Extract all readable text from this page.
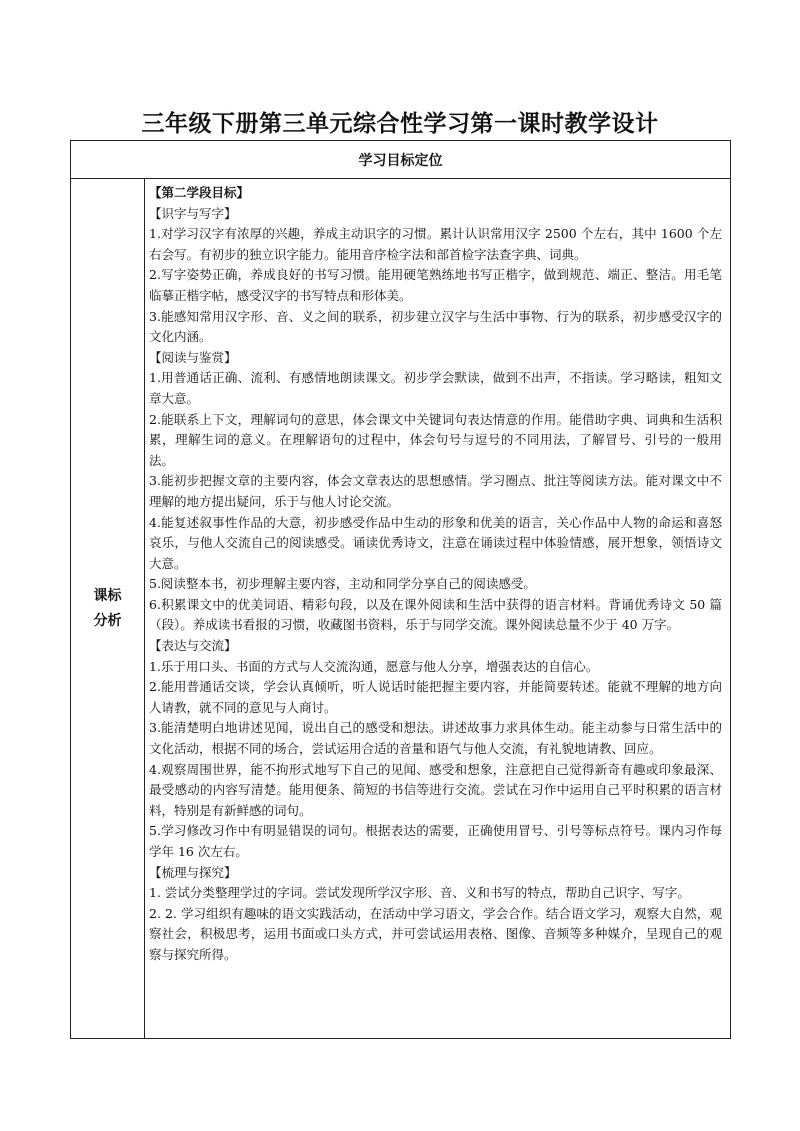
三年级下册第三单元综合性学习第一课时教学设计
学习目标定位
课标
分析

【第二学段目标】

【识字与写字】

1.对学习汉字有浓厚的兴趣，养成主动识字的习惯。累计认识常用汉字 2500 个左右，其中 1600 个左右会写。有初步的独立识字能力。能用音序检字法和部首检字法查字典、词典。

2.写字姿势正确，养成良好的书写习惯。能用硬笔熟练地书写正楷字，做到规范、端正、整洁。用毛笔临摹正楷字帖，感受汉字的书写特点和形体美。

3.能感知常用汉字形、音、义之间的联系，初步建立汉字与生活中事物、行为的联系，初步感受汉字的文化内涵。

【阅读与鉴赏】

1.用普通话正确、流利、有感情地朗读课文。初步学会默读，做到不出声，不指读。学习略读，粗知文章大意。

2.能联系上下文，理解词句的意思，体会课文中关键词句表达情意的作用。能借助字典、词典和生活积累，理解生词的意义。在理解语句的过程中，体会句号与逗号的不同用法，了解冒号、引号的一般用法。

3.能初步把握文章的主要内容，体会文章表达的思想感情。学习圈点、批注等阅读方法。能对课文中不理解的地方提出疑问，乐于与他人讨论交流。

4.能复述叙事性作品的大意，初步感受作品中生动的形象和优美的语言，关心作品中人物的命运和喜怒哀乐，与他人交流自己的阅读感受。诵读优秀诗文，注意在诵读过程中体验情感，展开想象，领悟诗文大意。

5.阅读整本书，初步理解主要内容，主动和同学分享自己的阅读感受。

6.积累课文中的优美词语、精彩句段，以及在课外阅读和生活中获得的语言材料。背诵优秀诗文 50 篇（段）。养成读书看报的习惯，收藏图书资料，乐于与同学交流。课外阅读总量不少于 40 万字。

【表达与交流】

1.乐于用口头、书面的方式与人交流沟通，愿意与他人分享，增强表达的自信心。

2.能用普通话交谈，学会认真倾听，听人说话时能把握主要内容，并能简要转述。能就不理解的地方向人请教，就不同的意见与人商讨。

3.能清楚明白地讲述见闻，说出自己的感受和想法。讲述故事力求具体生动。能主动参与日常生活中的文化活动，根据不同的场合，尝试运用合适的音量和语气与他人交流，有礼貌地请教、回应。

4.观察周围世界，能不拘形式地写下自己的见闻、感受和想象，注意把自己觉得新奇有趣或印象最深、最受感动的内容写清楚。能用便条、简短的书信等进行交流。尝试在习作中运用自己平时积累的语言材料，特别是有新鲜感的词句。

5.学习修改习作中有明显错误的词句。根据表达的需要，正确使用冒号、引号等标点符号。课内习作每学年 16 次左右。

【梳理与探究】

1. 尝试分类整理学过的字词。尝试发现所学汉字形、音、义和书写的特点，帮助自己识字、写字。

2. 2. 学习组织有趣味的语文实践活动，在活动中学习语文，学会合作。结合语文学习，观察大自然，观察社会，积极思考，运用书面或口头方式，并可尝试运用表格、图像、音频等多种媒介，呈现自己的观察与探究所得。
